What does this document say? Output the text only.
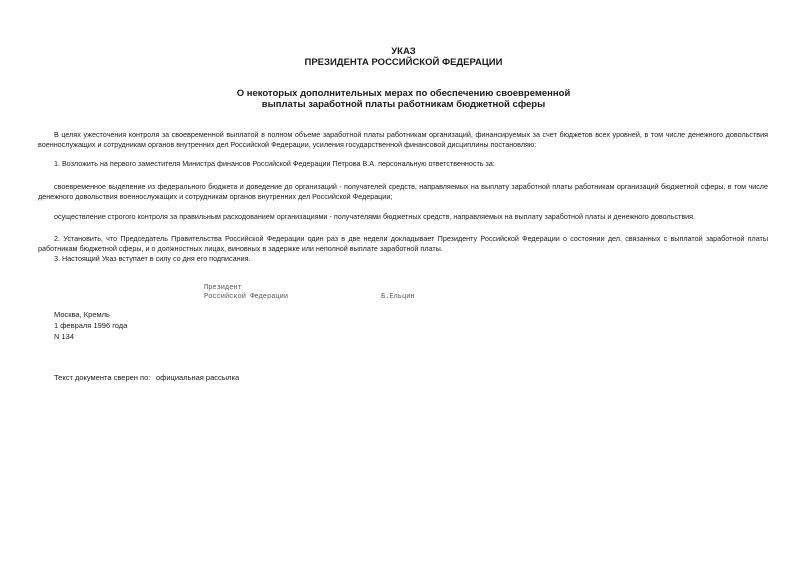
УКАЗ
ПРЕЗИДЕНТА РОССИЙСКОЙ ФЕДЕРАЦИИ
О некоторых дополнительных мерах по обеспечению своевременной
выплаты заработной платы работникам бюджетной сферы
В целях ужесточения контроля за своевременной выплатой в полном объеме заработной платы работникам организаций, финансируемых за счет бюджетов всех уровней, в том числе денежного довольствия
военнослужащих и сотрудникам органов внутренних дел Российской Федерации, усиления государственной финансовой дисциплины постановляю:
1. Возложить на первого заместителя Министра финансов Российской Федерации Петрова В.А. персональную ответственность за:
своевременное выделение из федерального бюджета и доведение до организаций - получателей средств, направляемых на выплату заработной платы работникам организаций бюджетной сферы, в том числе
денежного довольствия военнослужащих и сотрудникам органов внутренних дел Российской Федерации;
осуществление строгого контроля за правильным расходованием организациями - получателями бюджетных средств, направляемых на выплату заработной платы и денежного довольствия.
2. Установить, что Председатель Правительства Российской Федерации один раз в две недели докладывает Президенту Российской Федерации о состоянии дел, связанных с выплатой заработной платы
работникам бюджетной сферы, и о должностных лицах, виновных в задержке или неполной выплате заработной платы.
3. Настоящий Указ вступает в силу со дня его подписания.
Президент
Российской Федерации	Б.Ельцин
Москва, Кремль
1 февраля 1996 года
N 134
Текст документа сверен по: официальная рассылка
